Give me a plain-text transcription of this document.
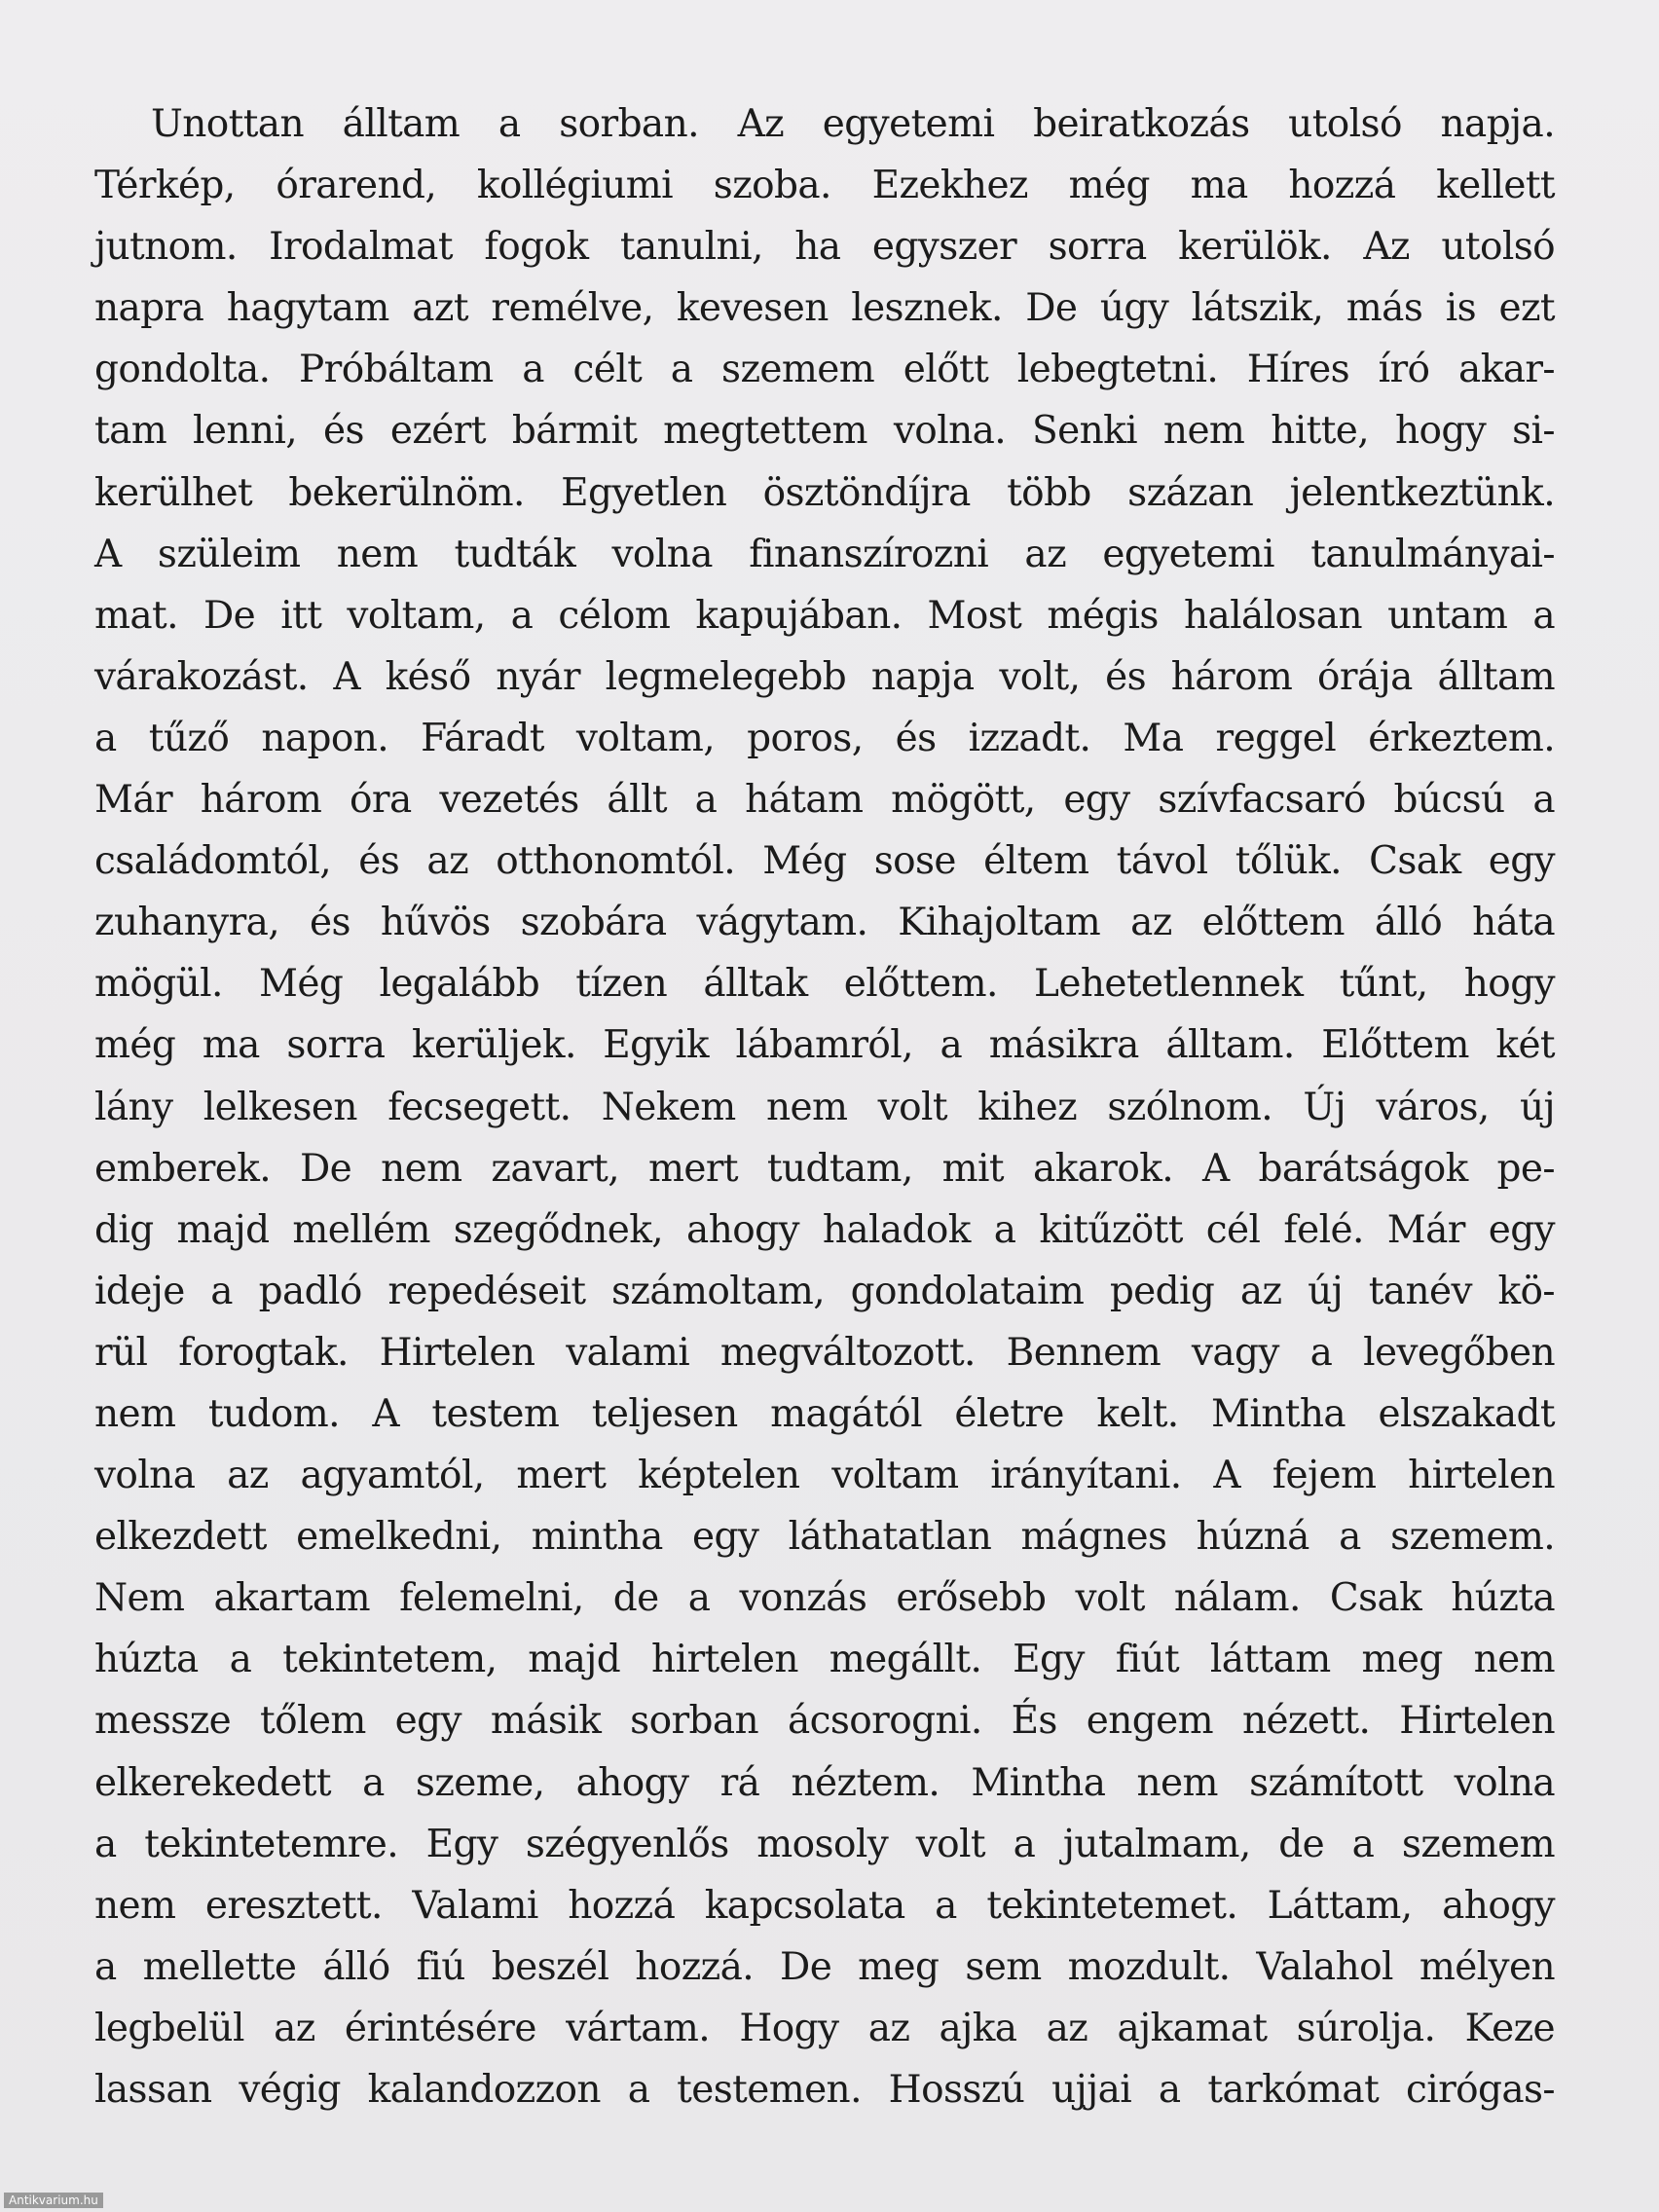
Unottan álltam a sorban. Az egyetemi beiratkozás utolsó napja.
Térkép, órarend, kollégiumi szoba. Ezekhez még ma hozzá kellett
jutnom. Irodalmat fogok tanulni, ha egyszer sorra kerülök. Az utolsó
napra hagytam azt remélve, kevesen lesznek. De úgy látszik, más is ezt
gondolta. Próbáltam a célt a szemem előtt lebegtetni. Híres író akar-
tam lenni, és ezért bármit megtettem volna. Senki nem hitte, hogy si-
kerülhet bekerülnöm. Egyetlen ösztöndíjra több százan jelentkeztünk.
A szüleim nem tudták volna finanszírozni az egyetemi tanulmányai-
mat. De itt voltam, a célom kapujában. Most mégis halálosan untam a
várakozást. A késő nyár legmelegebb napja volt, és három órája álltam
a tűző napon. Fáradt voltam, poros, és izzadt. Ma reggel érkeztem.
Már három óra vezetés állt a hátam mögött, egy szívfacsaró búcsú a
családomtól, és az otthonomtól. Még sose éltem távol tőlük. Csak egy
zuhanyra, és hűvös szobára vágytam. Kihajoltam az előttem álló háta
mögül. Még legalább tízen álltak előttem. Lehetetlennek tűnt, hogy
még ma sorra kerüljek. Egyik lábamról, a másikra álltam. Előttem két
lány lelkesen fecsegett. Nekem nem volt kihez szólnom. Új város, új
emberek. De nem zavart, mert tudtam, mit akarok. A barátságok pe-
dig majd mellém szegődnek, ahogy haladok a kitűzött cél felé. Már egy
ideje a padló repedéseit számoltam, gondolataim pedig az új tanév kö-
rül forogtak. Hirtelen valami megváltozott. Bennem vagy a levegőben
nem tudom. A testem teljesen magától életre kelt. Mintha elszakadt
volna az agyamtól, mert képtelen voltam irányítani. A fejem hirtelen
elkezdett emelkedni, mintha egy láthatatlan mágnes húzná a szemem.
Nem akartam felemelni, de a vonzás erősebb volt nálam. Csak húzta
húzta a tekintetem, majd hirtelen megállt. Egy fiút láttam meg nem
messze tőlem egy másik sorban ácsorogni. És engem nézett. Hirtelen
elkerekedett a szeme, ahogy rá néztem. Mintha nem számított volna
a tekintetemre. Egy szégyenlős mosoly volt a jutalmam, de a szemem
nem eresztett. Valami hozzá kapcsolata a tekintetemet. Láttam, ahogy
a mellette álló fiú beszél hozzá. De meg sem mozdult. Valahol mélyen
legbelül az érintésére vártam. Hogy az ajka az ajkamat súrolja. Keze
lassan végig kalandozzon a testemen. Hosszú ujjai a tarkómat cirógas-
Antikvarium.hu
